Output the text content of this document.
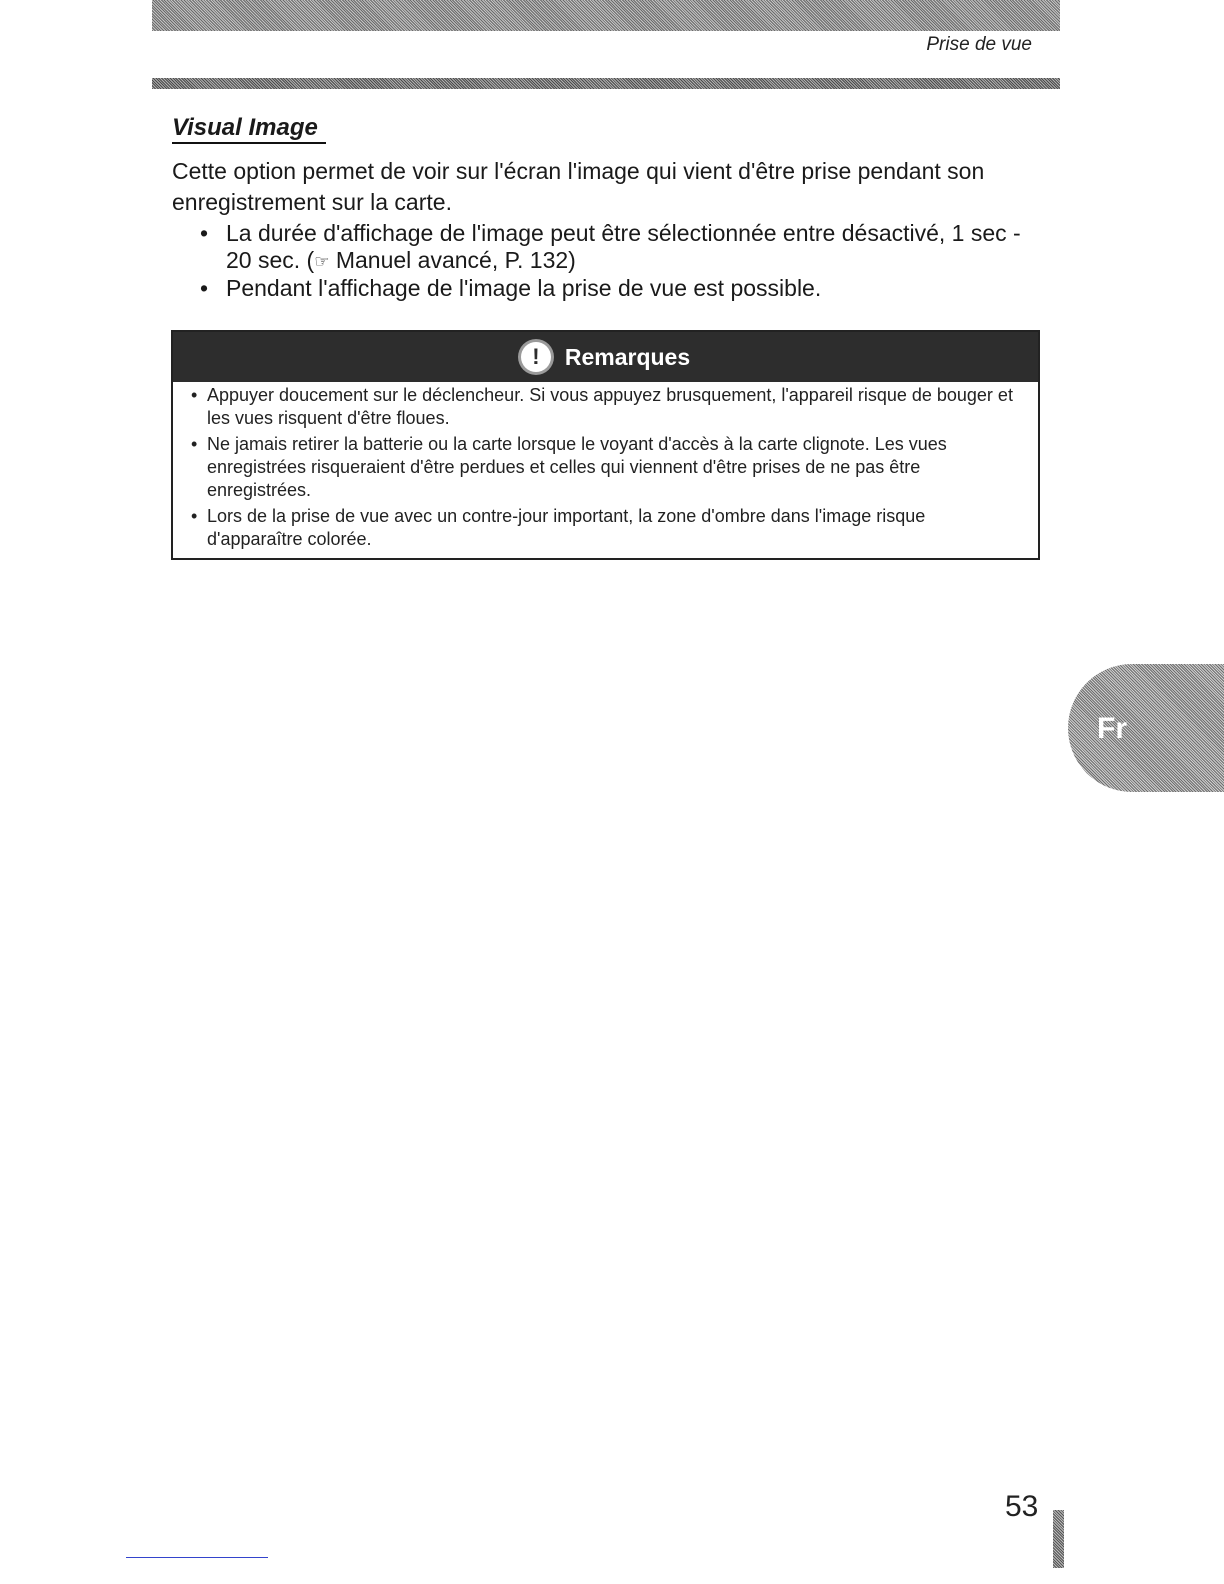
Prise de vue
Visual Image

Cette option permet de voir sur l'écran l'image qui vient d'être prise pendant son enregistrement sur la carte.

• La durée d'affichage de l'image peut être sélectionnée entre désactivé, 1 sec - 20 sec. (☞ Manuel avancé, P. 132)
• Pendant l'affichage de l'image la prise de vue est possible.
!	Remarques
• Appuyer doucement sur le déclencheur. Si vous appuyez brusquement, l'appareil risque de bouger et les vues risquent d'être floues.
• Ne jamais retirer la batterie ou la carte lorsque le voyant d'accès à la carte clignote. Les vues enregistrées risqueraient d'être perdues et celles qui viennent d'être prises de ne pas être enregistrées.
• Lors de la prise de vue avec un contre-jour important, la zone d'ombre dans l'image risque d'apparaître colorée.
Fr
53
